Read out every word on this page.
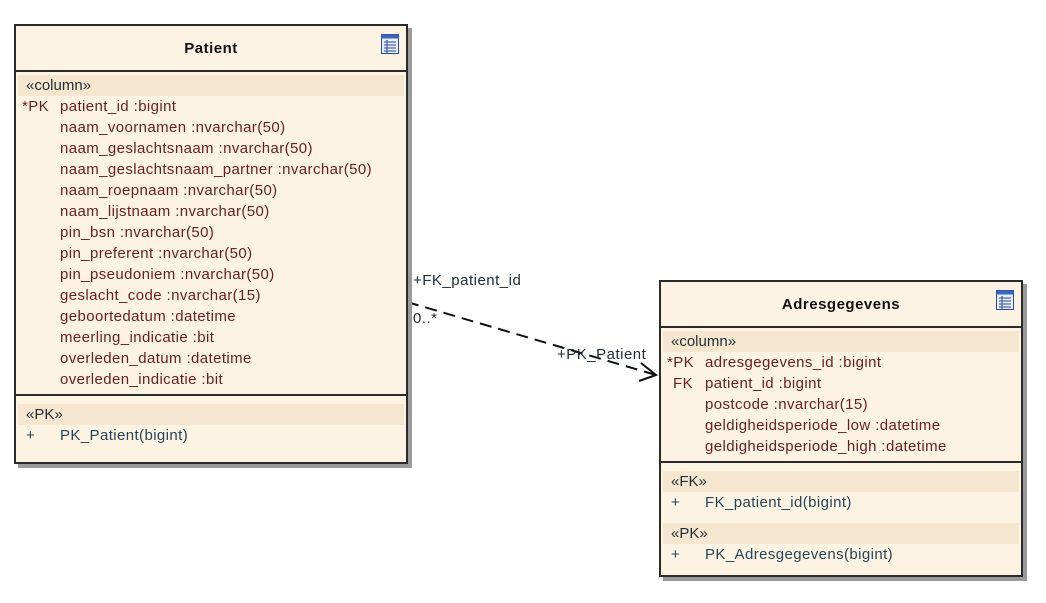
+FK_patient_id
0..*
+PK_Patient
Patient
«column»
*PK patient_id :bigint
naam_voornamen :nvarchar(50)
naam_geslachtsnaam :nvarchar(50)
naam_geslachtsnaam_partner :nvarchar(50)
naam_roepnaam :nvarchar(50)
naam_lijstnaam :nvarchar(50)
pin_bsn :nvarchar(50)
pin_preferent :nvarchar(50)
pin_pseudoniem :nvarchar(50)
geslacht_code :nvarchar(15)
geboortedatum :datetime
meerling_indicatie :bit
overleden_datum :datetime
overleden_indicatie :bit
«PK»
+	PK_Patient(bigint)
Adresgegevens
«column»
*PK adresgegevens_id :bigint
FK patient_id :bigint
postcode :nvarchar(15)
geldigheidsperiode_low :datetime
geldigheidsperiode_high :datetime
«FK»
+	FK_patient_id(bigint)
«PK»
+	PK_Adresgegevens(bigint)
